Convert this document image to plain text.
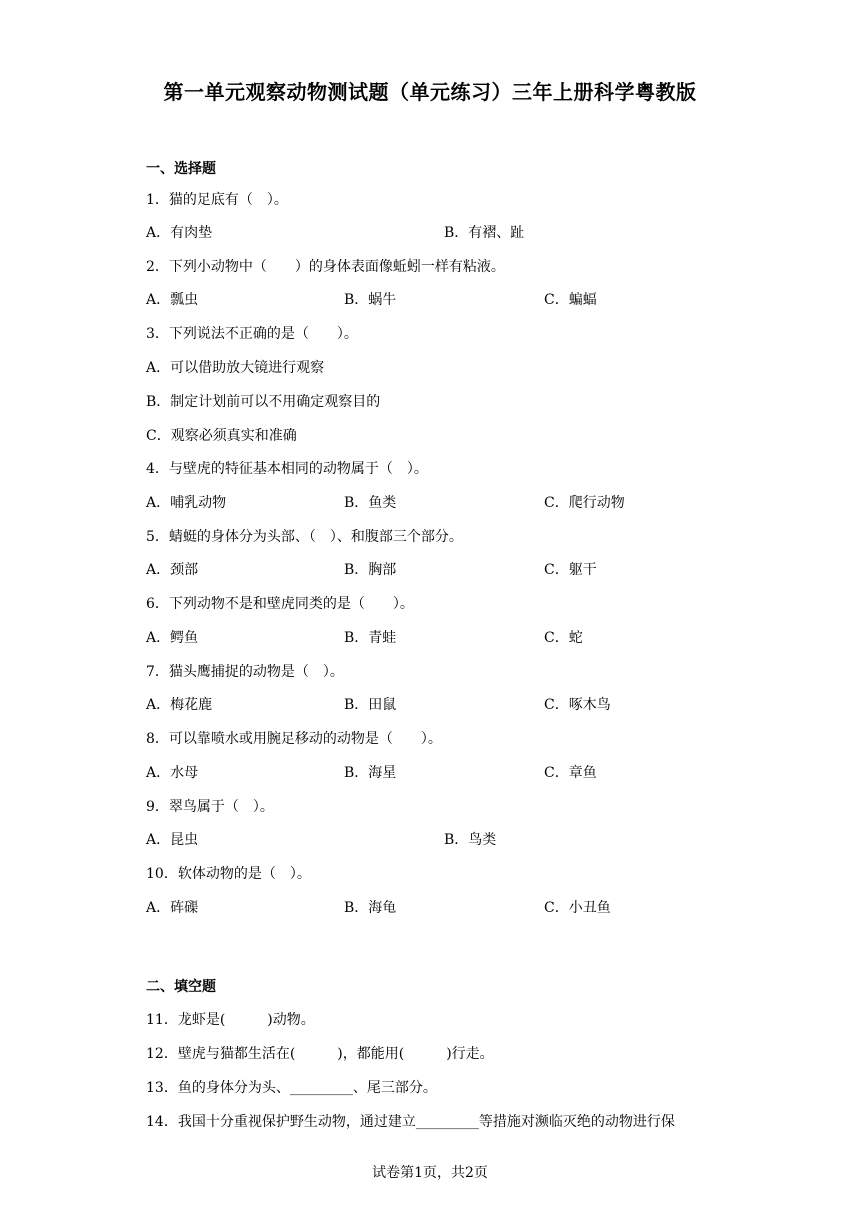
第一单元观察动物测试题（单元练习）三年上册科学粤教版
一、选择题
1．猫的足底有（　）。
A．有肉垫	B．有褶、趾
2．下列小动物中（　　）的身体表面像蚯蚓一样有粘液。
A．瓢虫	B．蜗牛	C．蝙蝠
3．下列说法不正确的是（　　）。
A．可以借助放大镜进行观察
B．制定计划前可以不用确定观察目的
C．观察必须真实和准确
4．与壁虎的特征基本相同的动物属于（　）。
A．哺乳动物	B．鱼类	C．爬行动物
5．蜻蜓的身体分为头部、（　）、和腹部三个部分。
A．颈部	B．胸部	C．躯干
6．下列动物不是和壁虎同类的是（　　）。
A．鳄鱼	B．青蛙	C．蛇
7．猫头鹰捕捉的动物是（　）。
A．梅花鹿	B．田鼠	C．啄木鸟
8．可以靠喷水或用腕足移动的动物是（　　）。
A．水母	B．海星	C．章鱼
9．翠鸟属于（　）。
A．昆虫	B．鸟类
10．软体动物的是（　）。
A．砗磲	B．海龟	C．小丑鱼
二、填空题
11．龙虾是(　　　)动物。
12．壁虎与猫都生活在(　　　)，都能用(　　　)行走。
13．鱼的身体分为头、_________、尾三部分。
14．我国十分重视保护野生动物，通过建立_________等措施对濒临灭绝的动物进行保
试卷第1页，共2页
